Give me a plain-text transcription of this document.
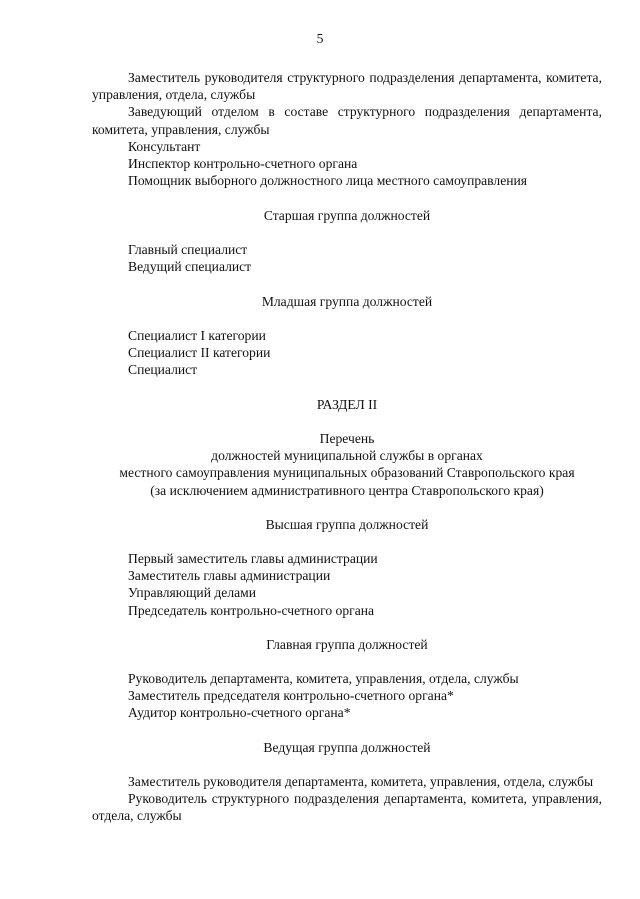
5

Заместитель руководителя структурного подразделения департамента, комитета, управления, отдела, службы

Заведующий отделом в составе структурного подразделения департамента, комитета, управления, службы

Консультант

Инспектор контрольно-счетного органа

Помощник выборного должностного лица местного самоуправления

Старшая группа должностей

Главный специалист

Ведущий специалист

Младшая группа должностей

Специалист I категории

Специалист II категории

Специалист

РАЗДЕЛ II

Перечень
должностей муниципальной службы в органах
местного самоуправления муниципальных образований Ставропольского края
(за исключением административного центра Ставропольского края)

Высшая группа должностей

Первый заместитель главы администрации

Заместитель главы администрации

Управляющий делами

Председатель контрольно-счетного органа

Главная группа должностей

Руководитель департамента, комитета, управления, отдела, службы

Заместитель председателя контрольно-счетного органа*

Аудитор контрольно-счетного органа*

Ведущая группа должностей

Заместитель руководителя департамента, комитета, управления, отдела, службы

Руководитель структурного подразделения департамента, комитета, управления, отдела, службы
